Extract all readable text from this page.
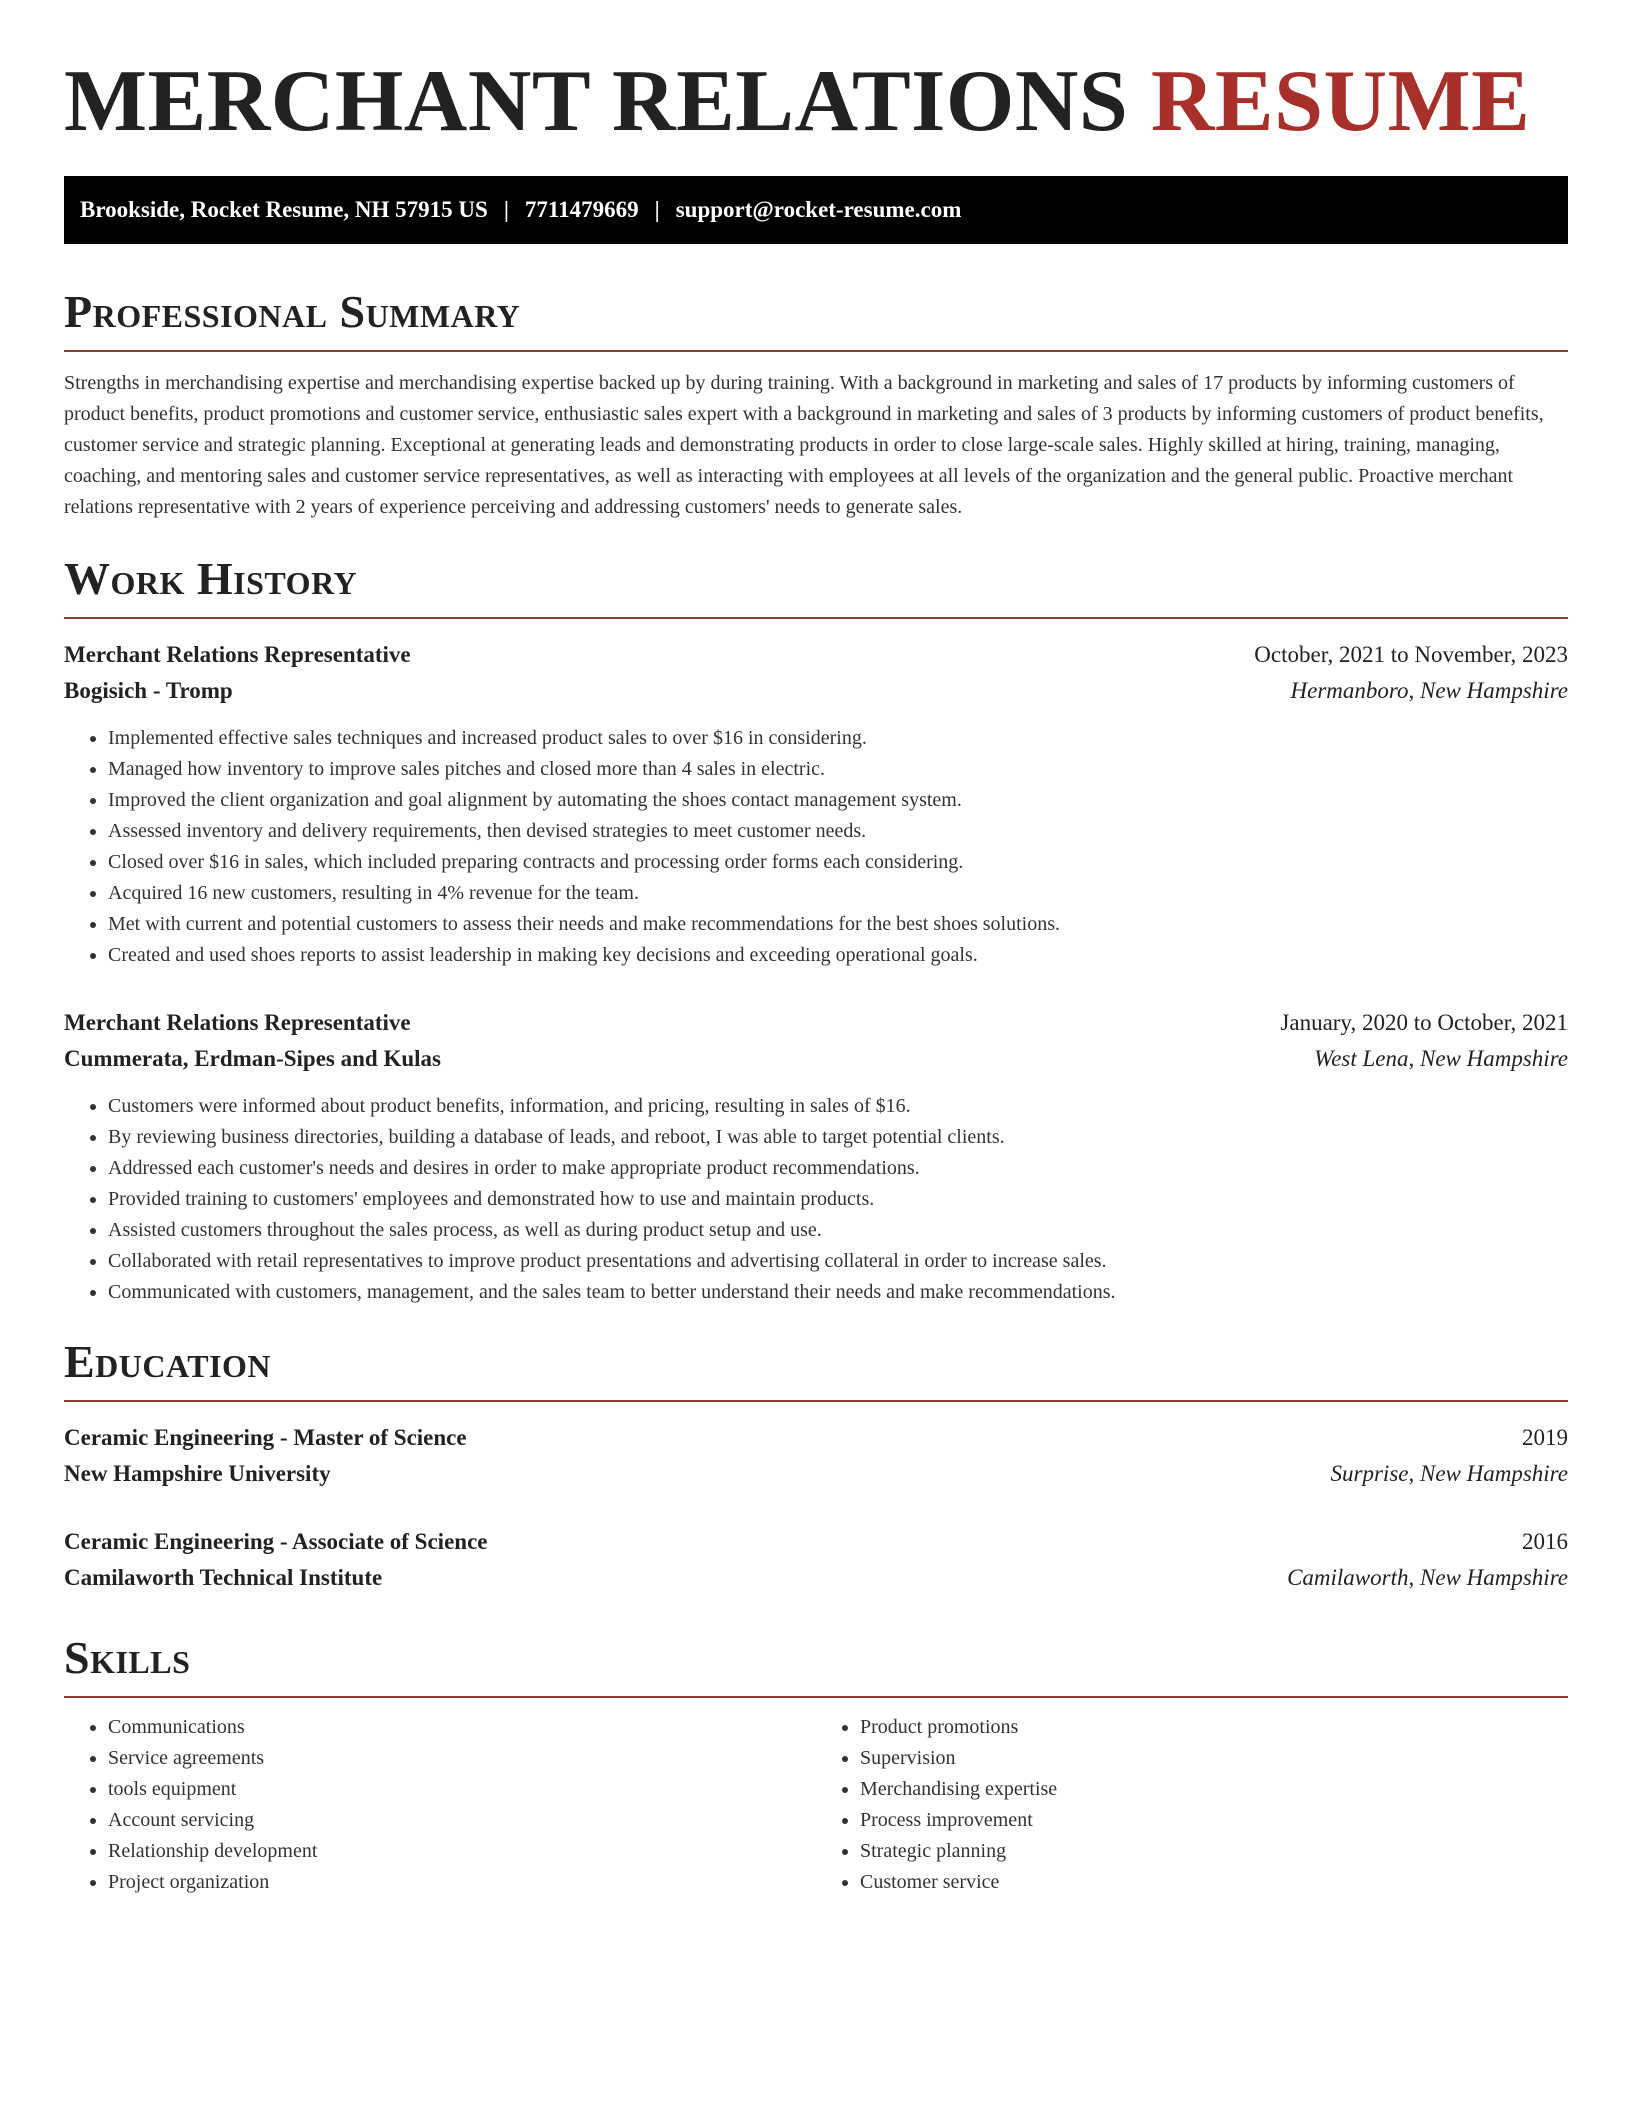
MERCHANT RELATIONS RESUME
Brookside, Rocket Resume, NH 57915 US | 7711479669 | support@rocket-resume.com
Professional Summary

Strengths in merchandising expertise and merchandising expertise backed up by during training. With a background in marketing and sales of 17 products by informing customers of product benefits, product promotions and customer service, enthusiastic sales expert with a background in marketing and sales of 3 products by informing customers of product benefits, customer service and strategic planning. Exceptional at generating leads and demonstrating products in order to close large-scale sales. Highly skilled at hiring, training, managing, coaching, and mentoring sales and customer service representatives, as well as interacting with employees at all levels of the organization and the general public. Proactive merchant relations representative with 2 years of experience perceiving and addressing customers' needs to generate sales.

Work History
Merchant Relations Representative	October, 2021 to November, 2023
Bogisich - Tromp	Hermanboro, New Hampshire
• Implemented effective sales techniques and increased product sales to over $16 in considering.
• Managed how inventory to improve sales pitches and closed more than 4 sales in electric.
• Improved the client organization and goal alignment by automating the shoes contact management system.
• Assessed inventory and delivery requirements, then devised strategies to meet customer needs.
• Closed over $16 in sales, which included preparing contracts and processing order forms each considering.
• Acquired 16 new customers, resulting in 4% revenue for the team.
• Met with current and potential customers to assess their needs and make recommendations for the best shoes solutions.
• Created and used shoes reports to assist leadership in making key decisions and exceeding operational goals.
Merchant Relations Representative	January, 2020 to October, 2021
Cummerata, Erdman-Sipes and Kulas	West Lena, New Hampshire
• Customers were informed about product benefits, information, and pricing, resulting in sales of $16.
• By reviewing business directories, building a database of leads, and reboot, I was able to target potential clients.
• Addressed each customer's needs and desires in order to make appropriate product recommendations.
• Provided training to customers' employees and demonstrated how to use and maintain products.
• Assisted customers throughout the sales process, as well as during product setup and use.
• Collaborated with retail representatives to improve product presentations and advertising collateral in order to increase sales.
• Communicated with customers, management, and the sales team to better understand their needs and make recommendations.
Education
Ceramic Engineering - Master of Science	2019
New Hampshire University	Surprise, New Hampshire
Ceramic Engineering - Associate of Science	2016
Camilaworth Technical Institute	Camilaworth, New Hampshire
Skills
• Communications
• Service agreements
• tools equipment
• Account servicing
• Relationship development
• Project organization
• Product promotions
• Supervision
• Merchandising expertise
• Process improvement
• Strategic planning
• Customer service
